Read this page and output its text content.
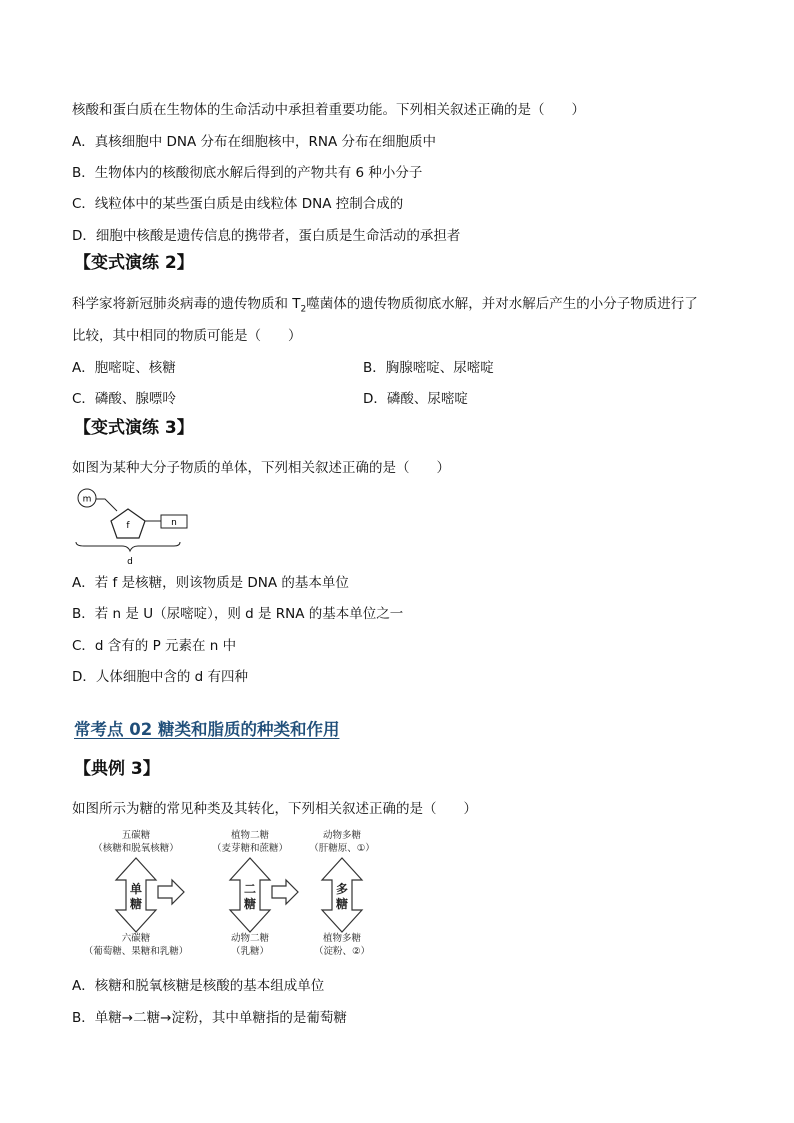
核酸和蛋白质在生物体的生命活动中承担着重要功能。下列相关叙述正确的是（　　）
A．真核细胞中 DNA 分布在细胞核中，RNA 分布在细胞质中
B．生物体内的核酸彻底水解后得到的产物共有 6 种小分子
C．线粒体中的某些蛋白质是由线粒体 DNA 控制合成的
D．细胞中核酸是遗传信息的携带者，蛋白质是生命活动的承担者
【变式演练 2】
科学家将新冠肺炎病毒的遗传物质和 $T_2$噬菌体的遗传物质彻底水解，并对水解后产生的小分子物质进行了
比较，其中相同的物质可能是（　　）
A．胞嘧啶、核糖	B．胸腺嘧啶、尿嘧啶
C．磷酸、腺嘌呤	D．磷酸、尿嘧啶
【变式演练 3】
如图为某种大分子物质的单体，下列相关叙述正确的是（　　）
m
f	n
d
A．若 f 是核糖，则该物质是 DNA 的基本单位
B．若 n 是 U（尿嘧啶），则 d 是 RNA 的基本单位之一
C．d 含有的 P 元素在 n 中
D．人体细胞中含的 d 有四种
常考点 02 糖类和脂质的种类和作用
【典例 3】
如图所示为糖的常见种类及其转化，下列相关叙述正确的是（　　）
五碳糖
（核糖和脱氧核糖）
单
糖
六碳糖
（葡萄糖、果糖和乳糖）
植物二糖
（麦芽糖和蔗糖）
二
糖
动物二糖
（乳糖）
动物多糖
（肝糖原、①）
多
糖
植物多糖
（淀粉、②）
A．核糖和脱氧核糖是核酸的基本组成单位
B．单糖→二糖→淀粉，其中单糖指的是葡萄糖
